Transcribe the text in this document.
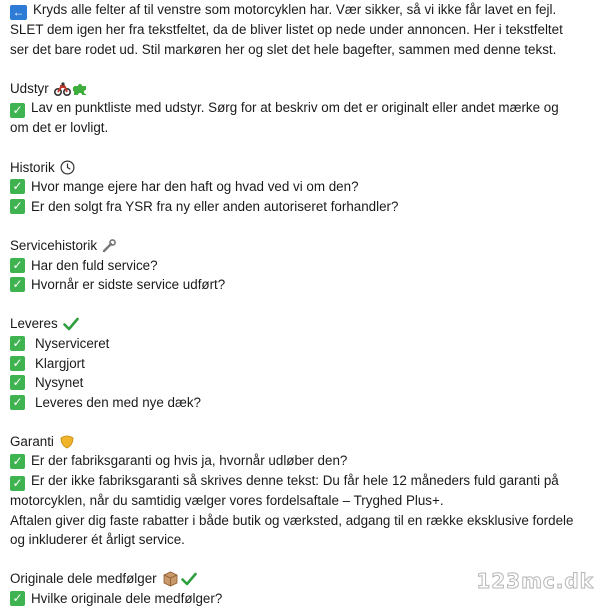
← Kryds alle felter af til venstre som motorcyklen har. Vær sikker, så vi ikke får lavet en fejl.
SLET dem igen her fra tekstfeltet, da de bliver listet op nede under annoncen. Her i tekstfeltet
ser det bare rodet ud. Stil markøren her og slet det hele bagefter, sammen med denne tekst.

Udstyr

✓ Lav en punktliste med udstyr. Sørg for at beskriv om det er originalt eller andet mærke og
om det er lovligt.

Historik
✓ Hvor mange ejere har den haft og hvad ved vi om den?
✓ Er den solgt fra YSR fra ny eller anden autoriseret forhandler?
Servicehistorik
✓ Har den fuld service?
✓ Hvornår er sidste service udført?
Leveres
✓ Nyserviceret
✓ Klargjort
✓ Nysynet
✓ Leveres den med nye dæk?
Garanti
✓ Er der fabriksgaranti og hvis ja, hvornår udløber den?

✓ Er der ikke fabriksgaranti så skrives denne tekst: Du får hele 12 måneders fuld garanti på
motorcyklen, når du samtidig vælger vores fordelsaftale – Tryghed Plus+.
Aftalen giver dig faste rabatter i både butik og værksted, adgang til en række eksklusive fordele
og inkluderer ét årligt service.

Originale dele medfølger
✓ Hvilke originale dele medfølger?
123mc.dk
